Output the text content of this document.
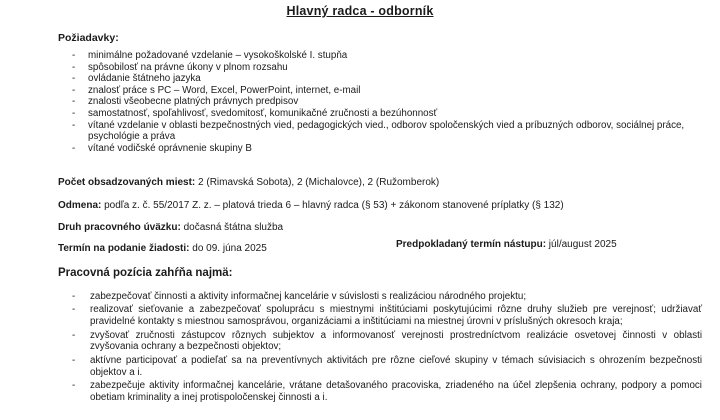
Hlavný radca - odborník
Požiadavky:
- minimálne požadované vzdelanie – vysokoškolské I. stupňa
- spôsobilosť na právne úkony v plnom rozsahu
- ovládanie štátneho jazyka
- znalosť práce s PC – Word, Excel, PowerPoint, internet, e-mail
- znalosti všeobecne platných právnych predpisov
- samostatnosť, spoľahlivosť, svedomitosť, komunikačné zručnosti a bezúhonnosť
- vítané vzdelanie v oblasti bezpečnostných vied, pedagogických vied., odborov spoločenských vied a príbuzných odborov, sociálnej práce, psychológie a práva
- vítané vodičské oprávnenie skupiny B
Počet obsadzovaných miest: 2 (Rimavská Sobota), 2 (Michalovce), 2 (Ružomberok)
Odmena: podľa z. č. 55/2017 Z. z. – platová trieda 6 – hlavný radca (§ 53) + zákonom stanovené príplatky (§ 132)
Druh pracovného úväzku: dočasná štátna služba
Termín na podanie žiadosti: do 09. júna 2025	Predpokladaný termín nástupu: júl/august 2025
Pracovná pozícia zahŕňa najmä:
- zabezpečovať činnosti a aktivity informačnej kancelárie v súvislosti s realizáciou národného projektu;
- realizovať sieťovanie a zabezpečovať spoluprácu s miestnymi inštitúciami poskytujúcimi rôzne druhy služieb pre verejnosť; udržiavať pravidelné kontakty s miestnou samosprávou, organizáciami a inštitúciami na miestnej úrovni v príslušných okresoch kraja;
- zvyšovať zručnosti zástupcov rôznych subjektov a informovanosť verejnosti prostredníctvom realizácie osvetovej činnosti v oblasti zvyšovania ochrany a bezpečnosti objektov;
- aktívne participovať a podieľať sa na preventívnych aktivitách pre rôzne cieľové skupiny v témach súvisiacich s ohrozením bezpečnosti objektov a i.
- zabezpečuje aktivity informačnej kancelárie, vrátane detašovaného pracoviska, zriadeného na účel zlepšenia ochrany, podpory a pomoci obetiam kriminality a inej protispoločenskej činnosti a i.
